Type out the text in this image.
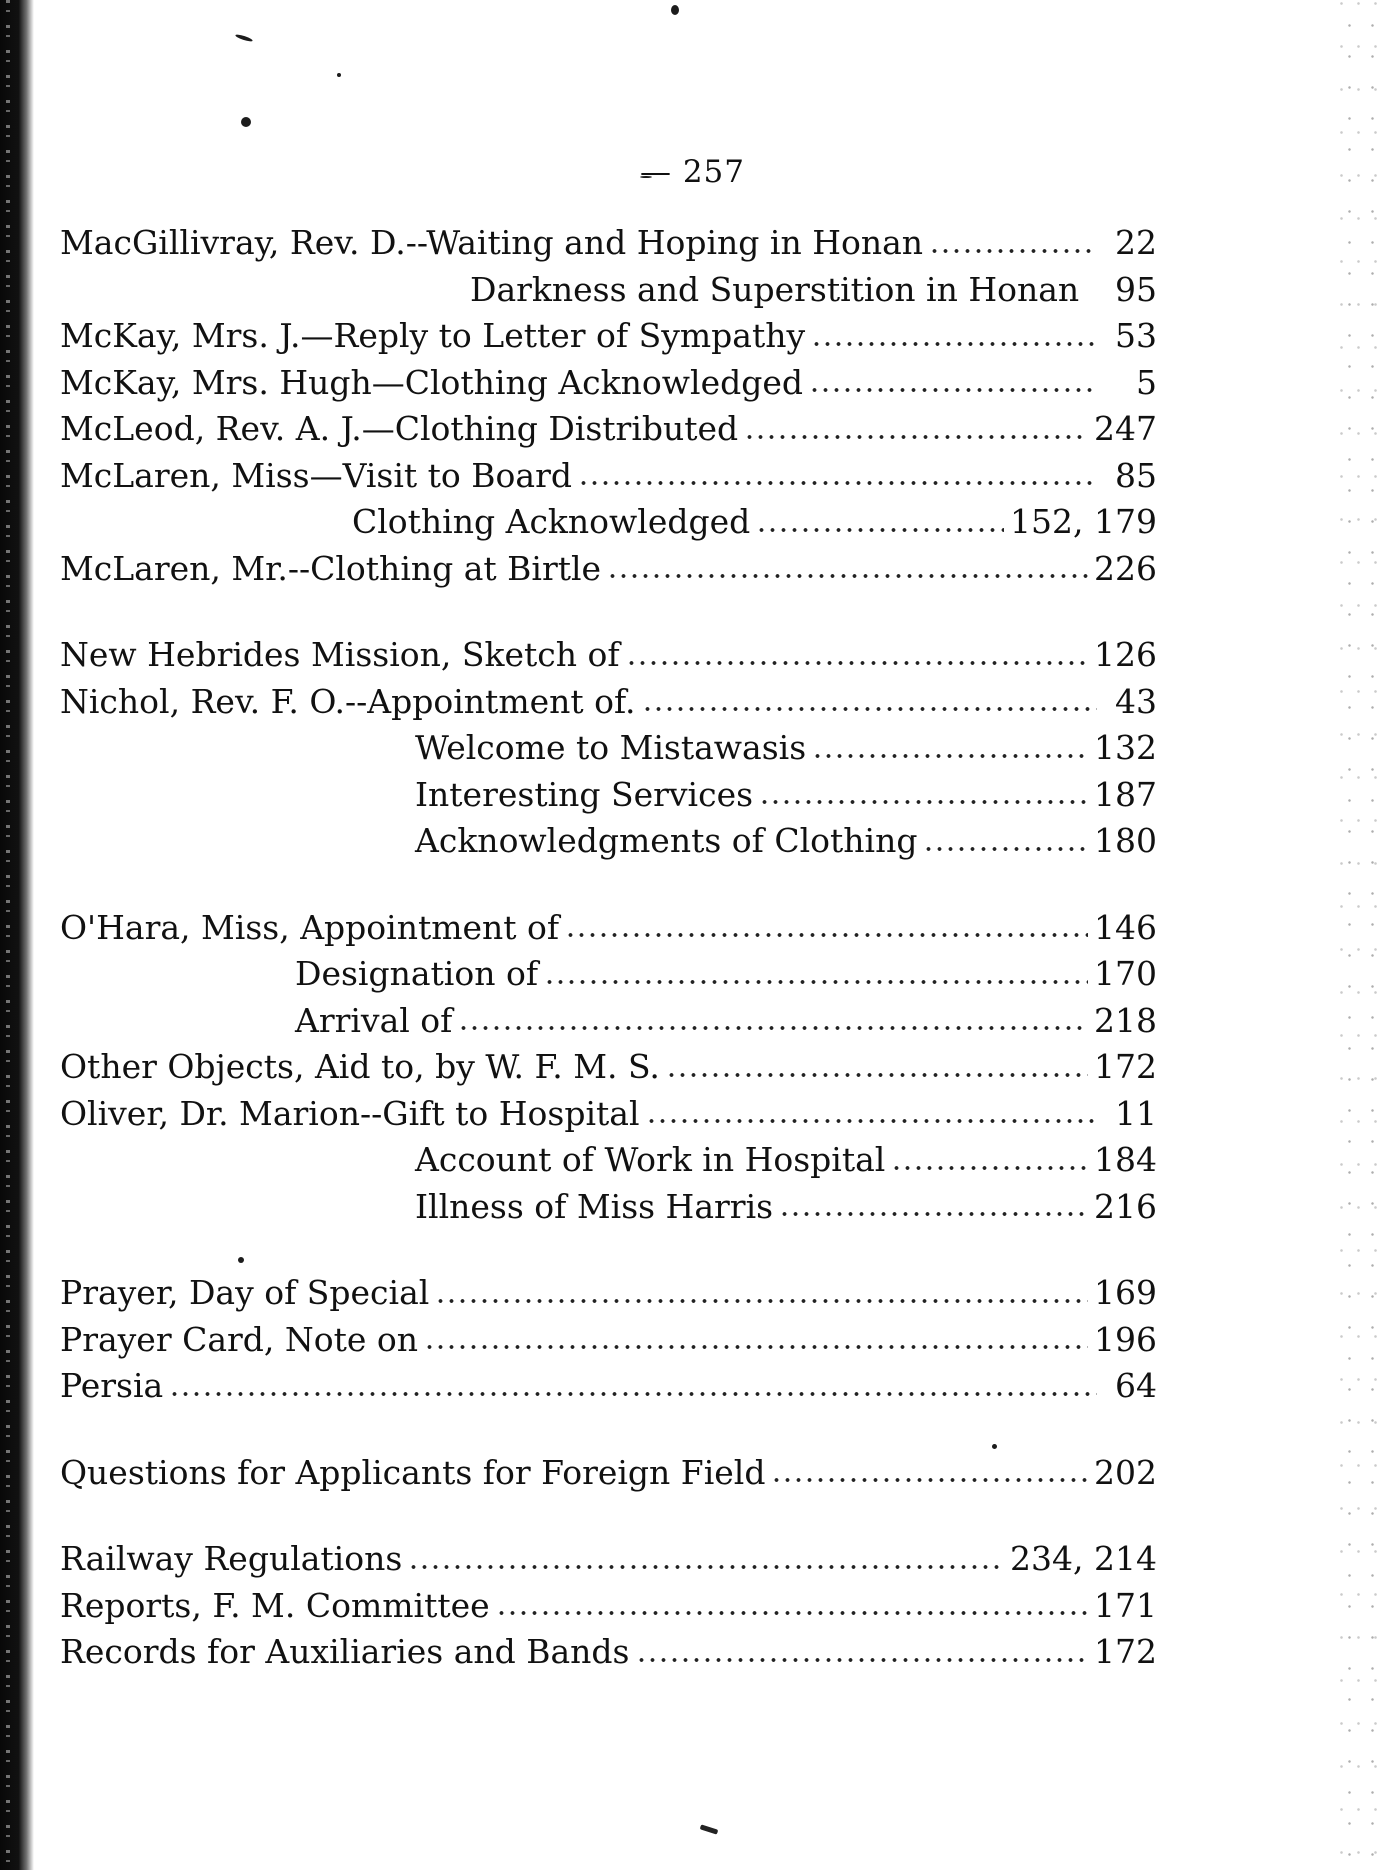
— 257
MacGillivray, Rev. D.--Waiting and Hoping in Honan	22
Darkness and Superstition in Honan	95
McKay, Mrs. J.—Reply to Letter of Sympathy	53
McKay, Mrs. Hugh—Clothing Acknowledged	5
McLeod, Rev. A. J.—Clothing Distributed	247
McLaren, Miss—Visit to Board	85
Clothing Acknowledged	152, 179
McLaren, Mr.--Clothing at Birtle	226
New Hebrides Mission, Sketch of	126
Nichol, Rev. F. O.--Appointment of.	43
Welcome to Mistawasis	132
Interesting Services	187
Acknowledgments of Clothing	180
O'Hara, Miss, Appointment of	146
Designation of	170
Arrival of	218
Other Objects, Aid to, by W. F. M. S.	172
Oliver, Dr. Marion--Gift to Hospital	11
Account of Work in Hospital	184
Illness of Miss Harris	216
Prayer, Day of Special	169
Prayer Card, Note on	196
Persia	64
Questions for Applicants for Foreign Field	202
Railway Regulations	234, 214
Reports, F. M. Committee	171
Records for Auxiliaries and Bands	172
